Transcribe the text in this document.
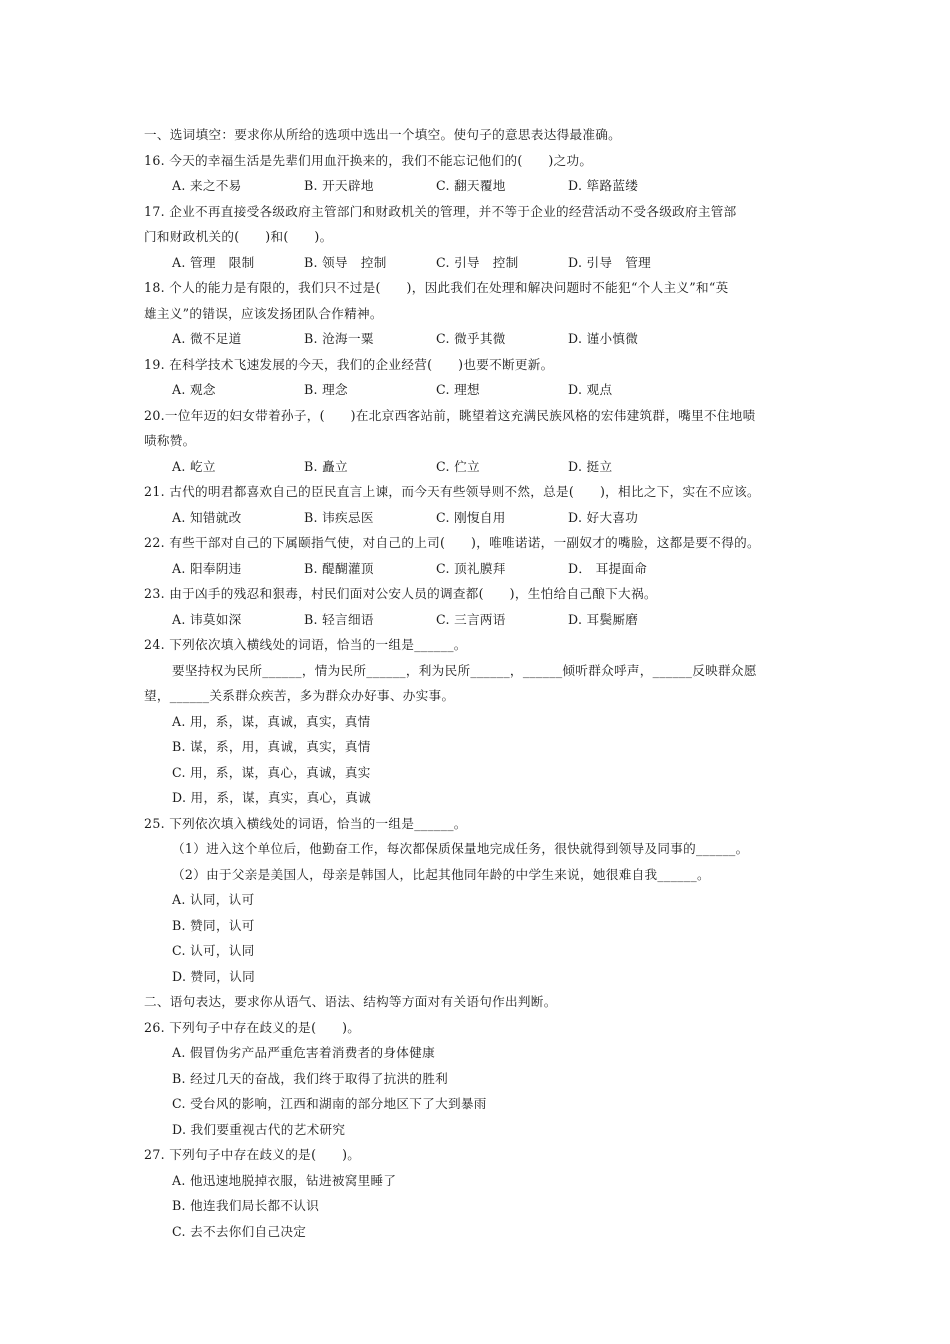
一、选词填空：要求你从所给的选项中选出一个填空。使句子的意思表达得最准确。
16. 今天的幸福生活是先辈们用血汗换来的，我们不能忘记他们的(　　)之功。
A. 来之不易	B. 开天辟地	C. 翻天覆地	D. 筚路蓝缕
17. 企业不再直接受各级政府主管部门和财政机关的管理，并不等于企业的经营活动不受各级政府主管部
门和财政机关的(　　)和(　　)。
A. 管理　限制	B. 领导　控制	C. 引导　控制	D. 引导　管理
18. 个人的能力是有限的，我们只不过是(　　)，因此我们在处理和解决问题时不能犯“个人主义”和“英
雄主义”的错误，应该发扬团队合作精神。
A. 微不足道	B. 沧海一粟	C. 微乎其微	D. 谨小慎微
19. 在科学技术飞速发展的今天，我们的企业经营(　　)也要不断更新。
A. 观念	B. 理念	C. 理想	D. 观点
20.一位年迈的妇女带着孙子，(　　)在北京西客站前，眺望着这充满民族风格的宏伟建筑群，嘴里不住地啧
啧称赞。
A. 屹立	B. 矗立	C. 伫立	D. 挺立
21. 古代的明君都喜欢自己的臣民直言上谏，而今天有些领导则不然，总是(　　)，相比之下，实在不应该。
A. 知错就改	B. 讳疾忌医	C. 刚愎自用	D. 好大喜功
22. 有些干部对自己的下属颐指气使，对自己的上司(　　)，唯唯诺诺，一副奴才的嘴脸，这都是要不得的。
A. 阳奉阴违	B. 醍醐灌顶	C. 顶礼膜拜	D． 耳提面命
23. 由于凶手的残忍和狠毒，村民们面对公安人员的调查都(　　)，生怕给自己酿下大祸。
A. 讳莫如深	B. 轻言细语	C. 三言两语	D. 耳鬓厮磨
24. 下列依次填入横线处的词语，恰当的一组是______。
要坚持权为民所______，情为民所______，利为民所______，______倾听群众呼声，______反映群众愿
望，______关系群众疾苦，多为群众办好事、办实事。
A. 用，系，谋，真诚，真实，真情
B. 谋，系，用，真诚，真实，真情
C. 用，系，谋，真心，真诚，真实
D. 用，系，谋，真实，真心，真诚
25. 下列依次填入横线处的词语，恰当的一组是______。
（1）进入这个单位后，他勤奋工作，每次都保质保量地完成任务，很快就得到领导及同事的______。
（2）由于父亲是美国人，母亲是韩国人，比起其他同年龄的中学生来说，她很难自我______。
A. 认同，认可
B. 赞同，认可
C. 认可，认同
D. 赞同，认同
二、语句表达，要求你从语气、语法、结构等方面对有关语句作出判断。
26. 下列句子中存在歧义的是(　　)。
A. 假冒伪劣产品严重危害着消费者的身体健康
B. 经过几天的奋战，我们终于取得了抗洪的胜利
C. 受台风的影响，江西和湖南的部分地区下了大到暴雨
D. 我们要重视古代的艺术研究
27. 下列句子中存在歧义的是(　　)。
A. 他迅速地脱掉衣服，钻进被窝里睡了
B. 他连我们局长都不认识
C. 去不去你们自己决定
